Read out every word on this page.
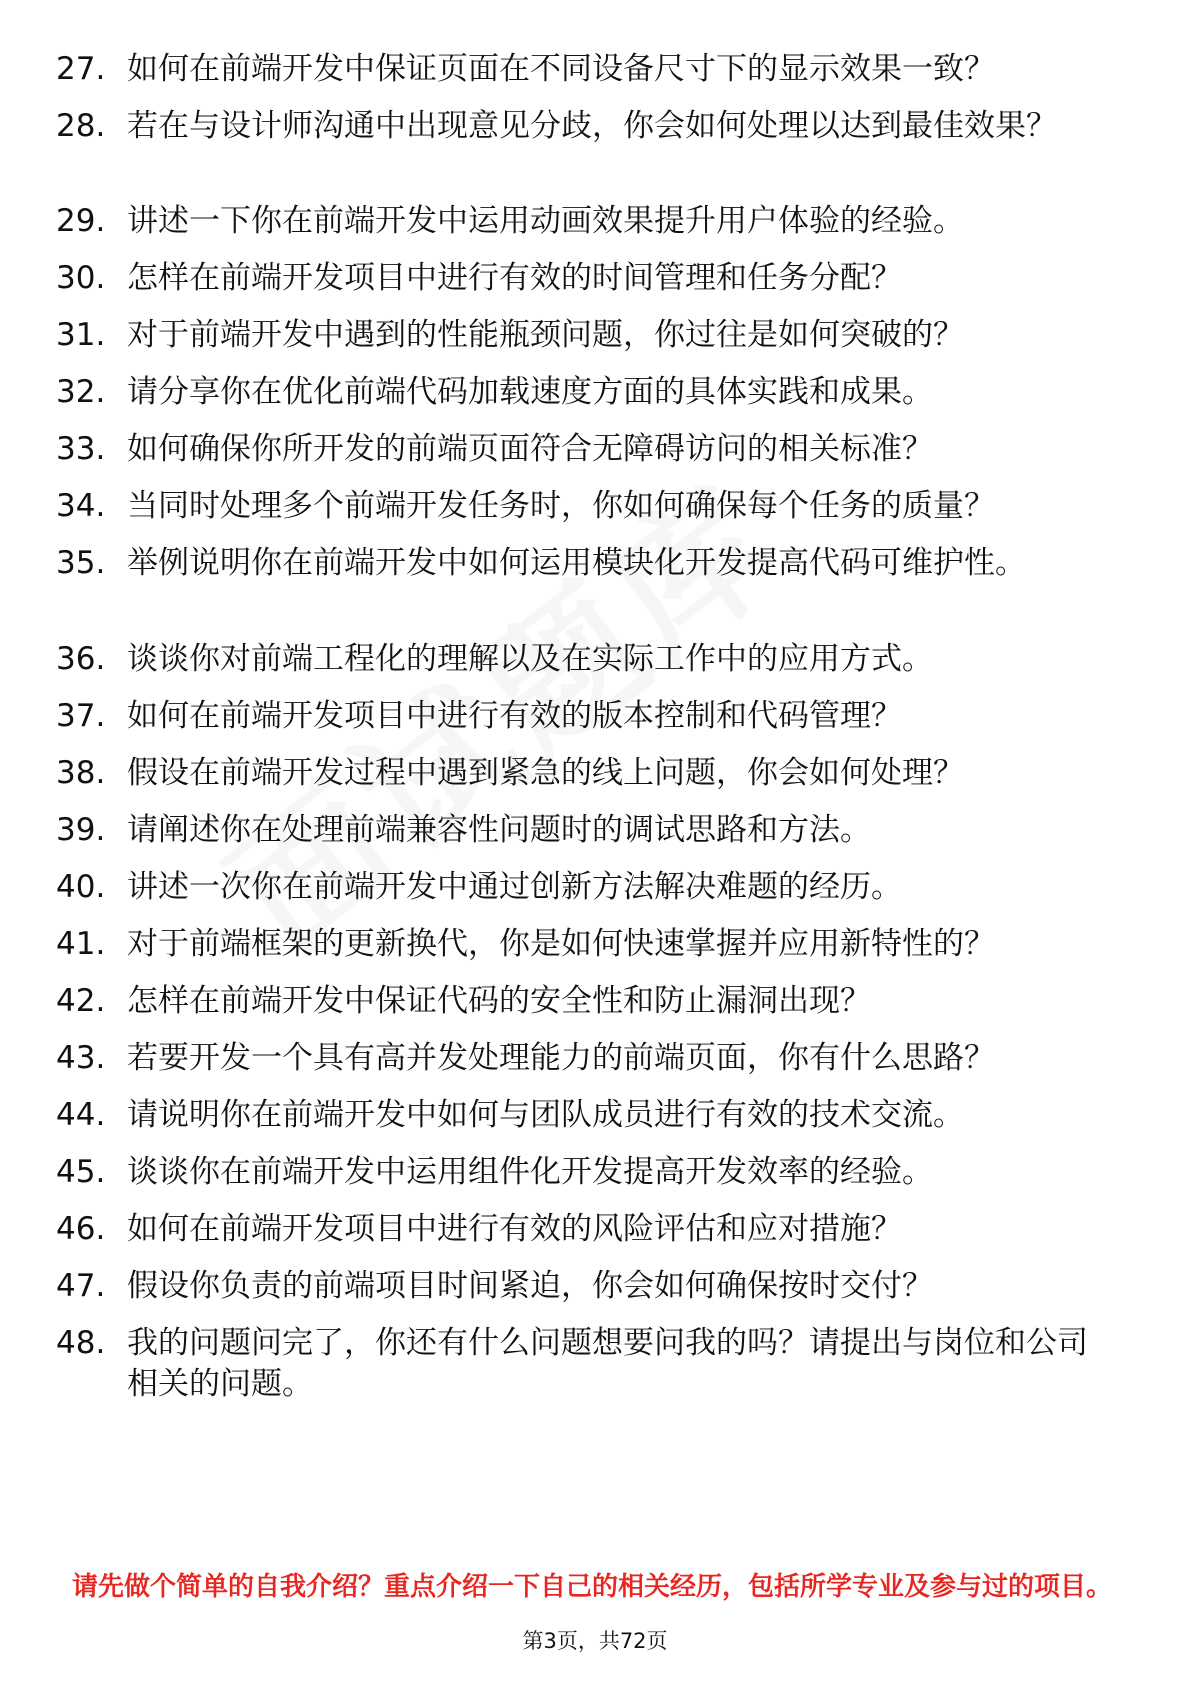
27. 如何在前端开发中保证页面在不同设备尺寸下的显示效果一致？
28. 若在与设计师沟通中出现意见分歧，你会如何处理以达到最佳效果？
29. 讲述一下你在前端开发中运用动画效果提升用户体验的经验。
30. 怎样在前端开发项目中进行有效的时间管理和任务分配？
31. 对于前端开发中遇到的性能瓶颈问题，你过往是如何突破的？
32. 请分享你在优化前端代码加载速度方面的具体实践和成果。
33. 如何确保你所开发的前端页面符合无障碍访问的相关标准？
34. 当同时处理多个前端开发任务时，你如何确保每个任务的质量？
35. 举例说明你在前端开发中如何运用模块化开发提高代码可维护性。
36. 谈谈你对前端工程化的理解以及在实际工作中的应用方式。
37. 如何在前端开发项目中进行有效的版本控制和代码管理？
38. 假设在前端开发过程中遇到紧急的线上问题，你会如何处理？
39. 请阐述你在处理前端兼容性问题时的调试思路和方法。
40. 讲述一次你在前端开发中通过创新方法解决难题的经历。
41. 对于前端框架的更新换代，你是如何快速掌握并应用新特性的？
42. 怎样在前端开发中保证代码的安全性和防止漏洞出现？
43. 若要开发一个具有高并发处理能力的前端页面，你有什么思路？
44. 请说明你在前端开发中如何与团队成员进行有效的技术交流。
45. 谈谈你在前端开发中运用组件化开发提高开发效率的经验。
46. 如何在前端开发项目中进行有效的风险评估和应对措施？
47. 假设你负责的前端项目时间紧迫，你会如何确保按时交付？
48. 我的问题问完了，你还有什么问题想要问我的吗？请提出与岗位和公司相关的问题。

请先做个简单的自我介绍？重点介绍一下自己的相关经历，包括所学专业及参与过的项目。

第3页，共72页
